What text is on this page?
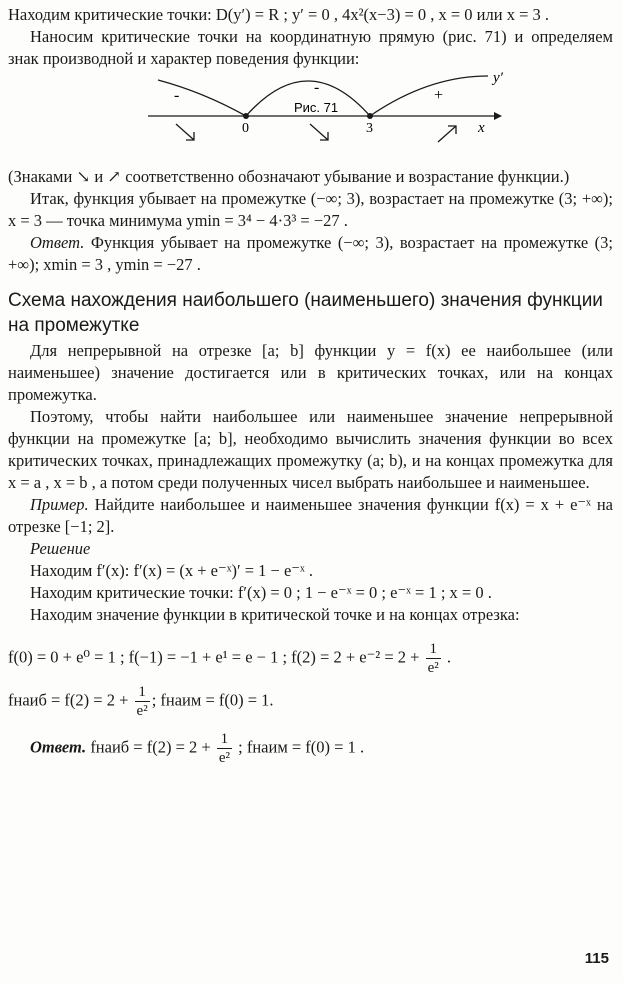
Находим критические точки: D(y′) = R ; y′ = 0 , 4x²(x−3) = 0 , x = 0 или x = 3 .

Наносим критические точки на координатную прямую (рис. 71) и определяем знак производной и характер поведения функции:

0	3	x
y′
-	-	+
Рис. 71

(Знаками ↘ и ↗ соответственно обозначают убывание и возрастание функции.)

Итак, функция убывает на промежутке (−∞; 3), возрастает на промежутке (3; +∞); x = 3 — точка минимума ymin = 3⁴ − 4·3³ = −27 .

Ответ. Функция убывает на промежутке (−∞; 3), возрастает на промежутке (3; +∞); xmin = 3 , ymin = −27 .

Схема нахождения наибольшего (наименьшего) значения функции на промежутке

Для непрерывной на отрезке [a; b] функции y = f(x) ее наибольшее (или наименьшее) значение достигается или в критических точках, или на концах промежутка.

Поэтому, чтобы найти наибольшее или наименьшее значение непрерывной функции на промежутке [a; b], необходимо вычислить значения функции во всех критических точках, принадлежащих промежутку (a; b), и на концах промежутка для x = a , x = b , а потом среди полученных чисел выбрать наибольшее и наименьшее.

Пример. Найдите наибольшее и наименьшее значения функции f(x) = x + e⁻ˣ на отрезке [−1; 2].

Решение

Находим f′(x): f′(x) = (x + e⁻ˣ)′ = 1 − e⁻ˣ .

Находим критические точки: f′(x) = 0 ; 1 − e⁻ˣ = 0 ; e⁻ˣ = 1 ; x = 0 .

Находим значение функции в критической точке и на концах отрезка:

f(0) = 0 + e⁰ = 1 ; f(−1) = −1 + e¹ = e − 1 ; $f(2) = 2 + e^{-2} = 2 + \frac{1}{\text{e²}}$ .
fнаиб = $f(2) = 2 + \frac{1}{\text{e²}}$ ; fнаим = f(0) = 1.
Ответ. fнаиб = $f(2) = 2 + \frac{1}{\text{e²}}$ ; fнаим = f(0) = 1 .
115
